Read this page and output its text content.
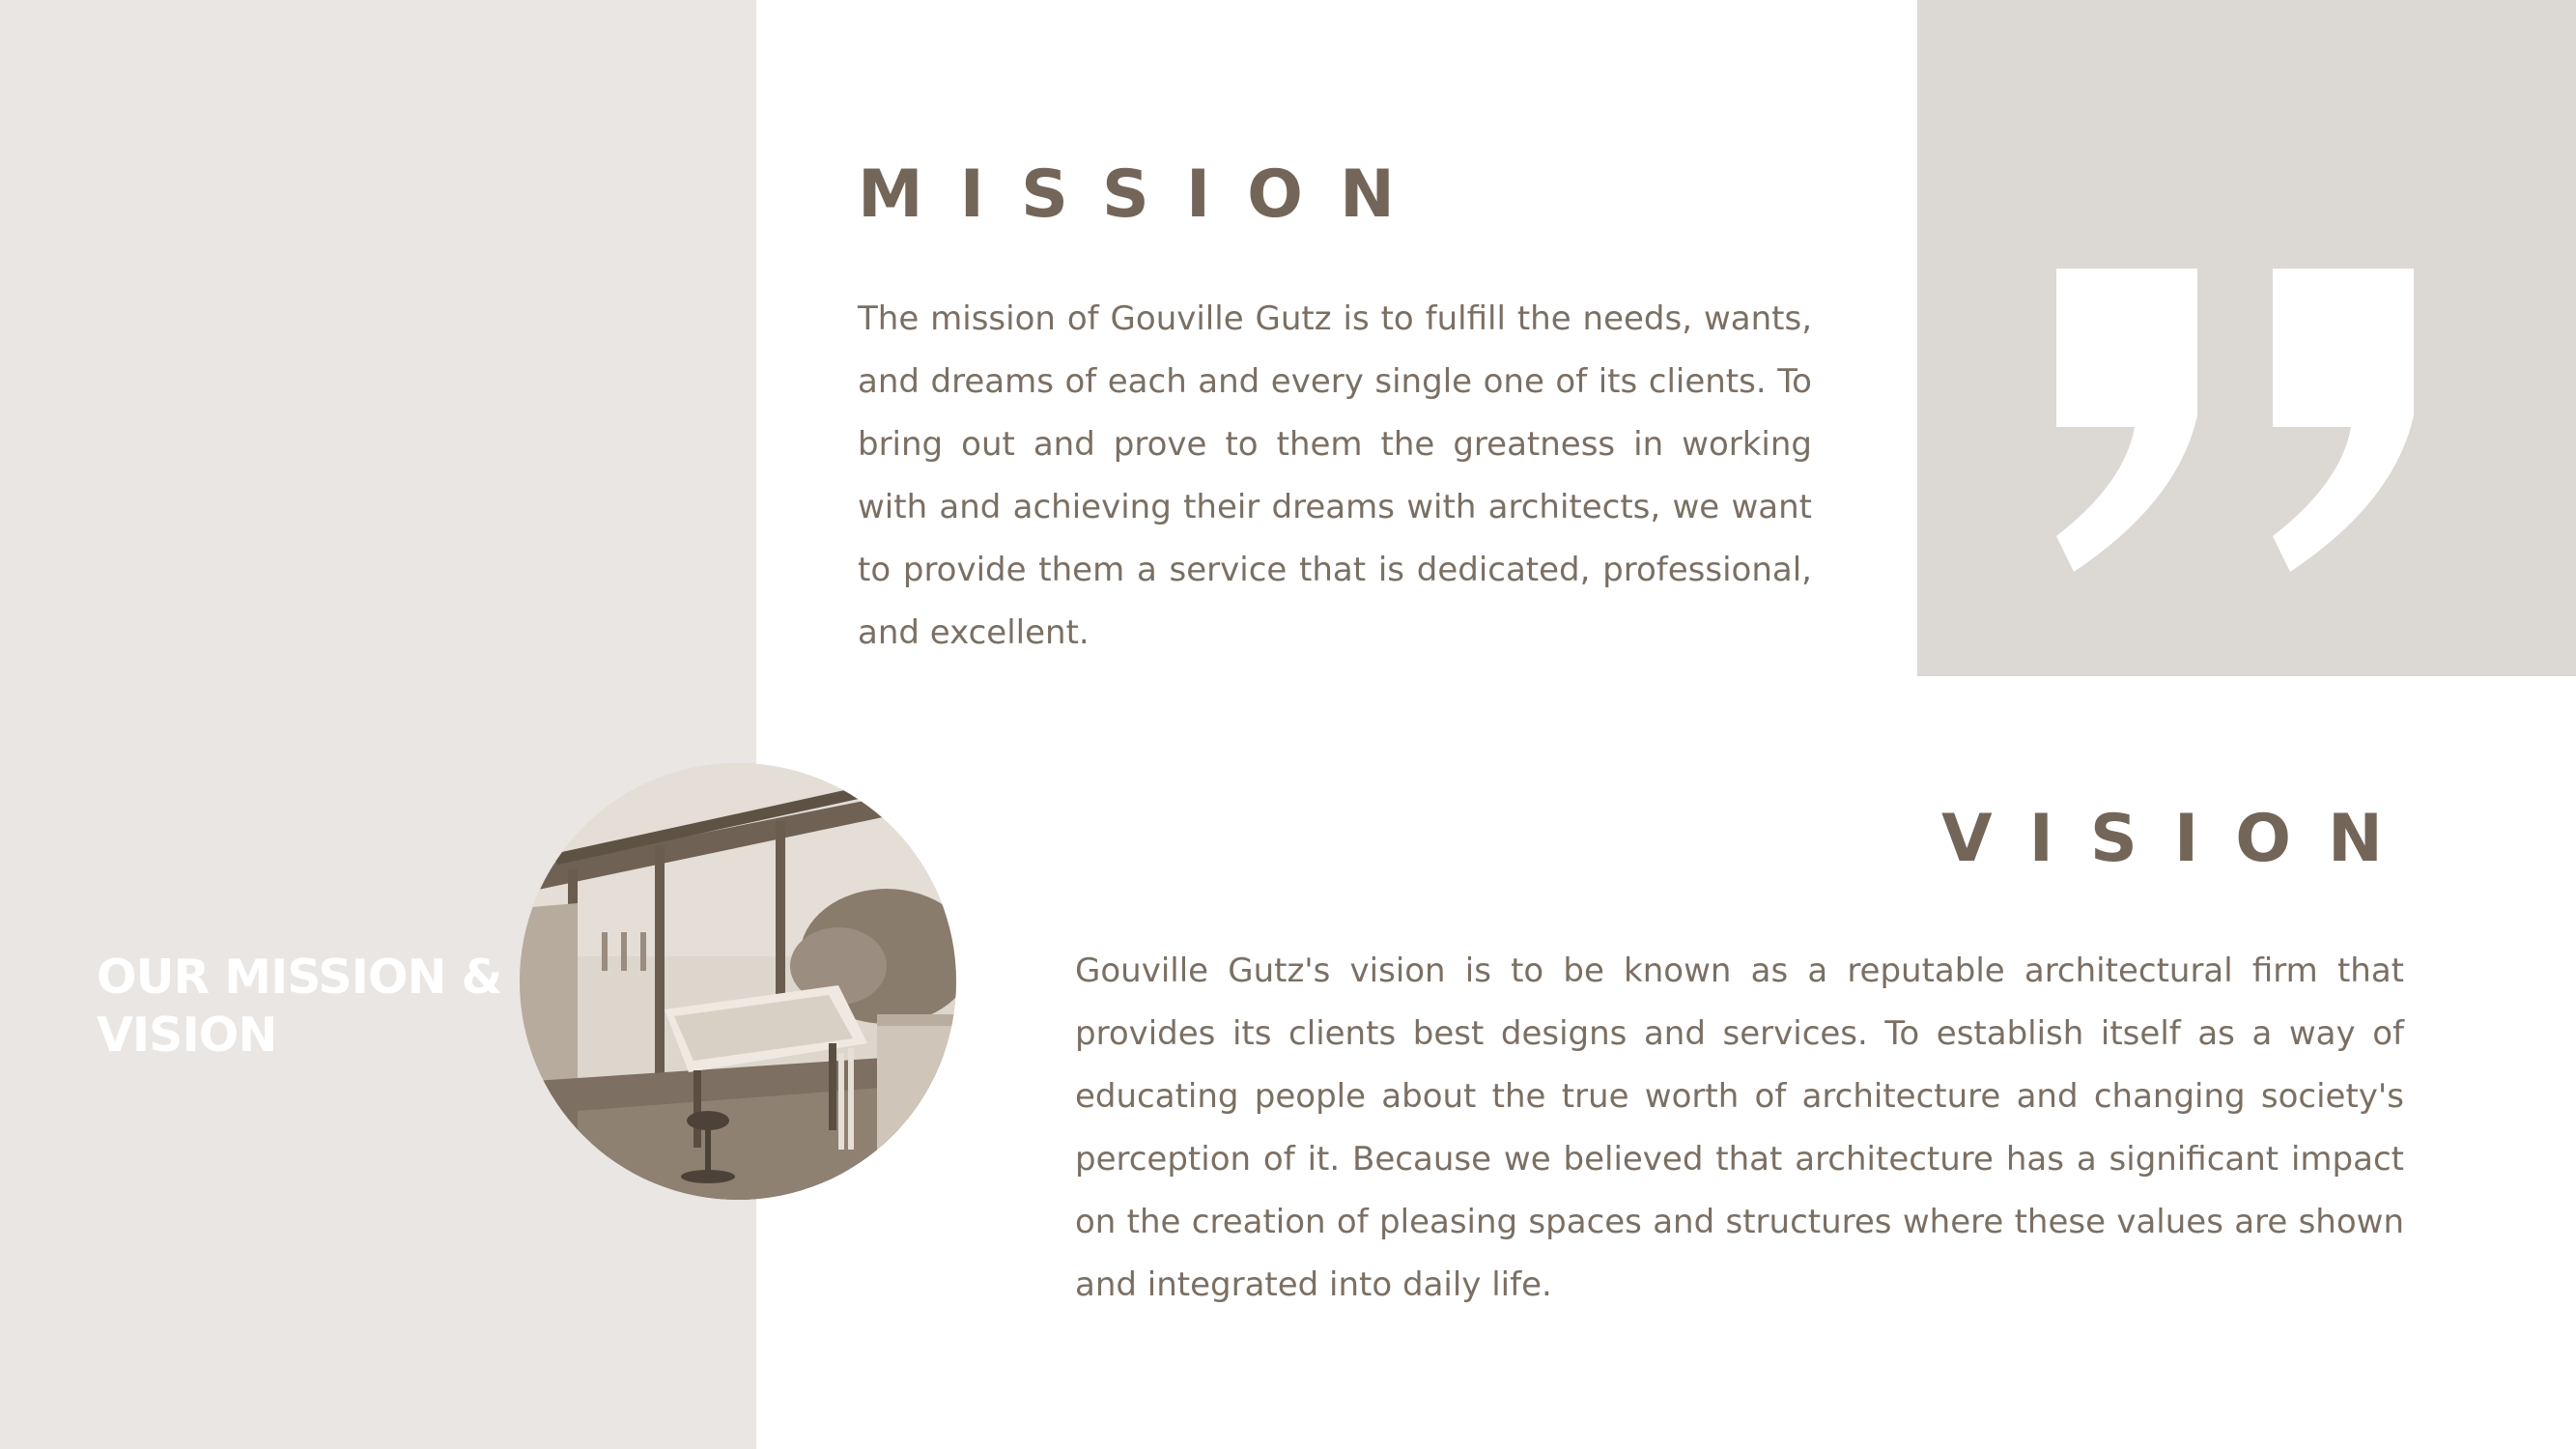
OUR MISSION & VISION
MISSION

The mission of Gouville Gutz is to fulfill the needs, wants, and dreams of each and every single one of its clients. To bring out and prove to them the greatness in working with and achieving their dreams with architects, we want to provide them a service that is dedicated, professional, and excellent.

VISION

Gouville Gutz's vision is to be known as a reputable architectural firm that provides its clients best designs and services. To establish itself as a way of educating people about the true worth of architecture and changing society's perception of it. Because we believed that architecture has a significant impact on the creation of pleasing spaces and structures where these values are shown and integrated into daily life.
